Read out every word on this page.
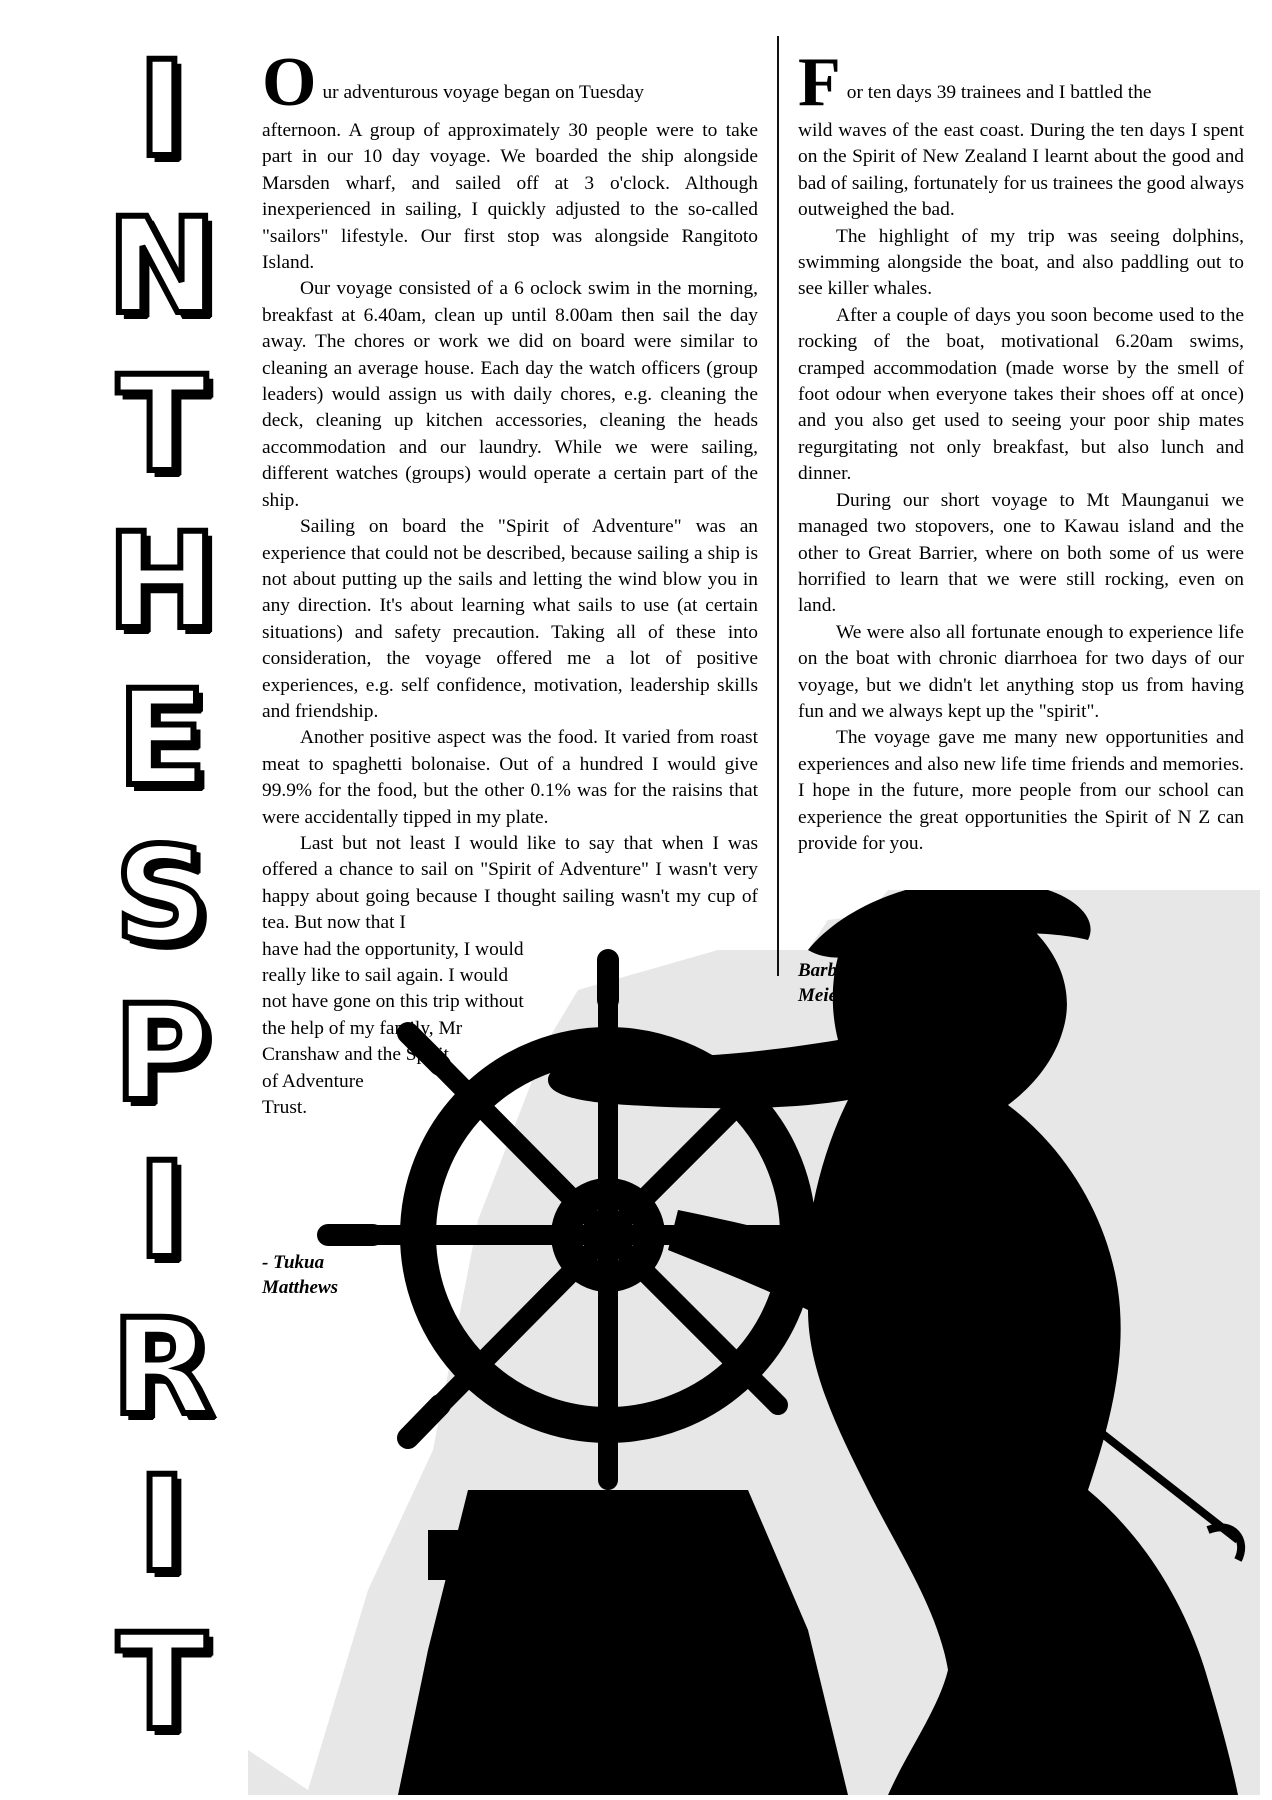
I
N
T
H
E
S
P
I
R
I
T
O ur adventurous voyage began on Tuesday

afternoon. A group of approximately 30 people were to take part in our 10 day voyage. We boarded the ship alongside Marsden wharf, and sailed off at 3 o'clock. Although inexperienced in sailing, I quickly adjusted to the so-called "sailors" lifestyle. Our first stop was alongside Rangitoto Island.

Our voyage consisted of a 6 oclock swim in the morning, breakfast at 6.40am, clean up until 8.00am then sail the day away. The chores or work we did on board were similar to cleaning an average house. Each day the watch officers (group leaders) would assign us with daily chores, e.g. cleaning the deck, cleaning up kitchen accessories, cleaning the heads accommodation and our laundry. While we were sailing, different watches (groups) would operate a certain part of the ship.

Sailing on board the "Spirit of Adventure" was an experience that could not be described, because sailing a ship is not about putting up the sails and letting the wind blow you in any direction. It's about learning what sails to use (at certain situations) and safety precaution. Taking all of these into consideration, the voyage offered me a lot of positive experiences, e.g. self confidence, motivation, leadership skills and friendship.

Another positive aspect was the food. It varied from roast meat to spaghetti bolonaise. Out of a hundred I would give 99.9% for the food, but the other 0.1% was for the raisins that were accidentally tipped in my plate.

Last but not least I would like to say that when I was offered a chance to sail on "Spirit of Adventure" I wasn't very happy about going because I thought sailing wasn't my cup of tea. But now that I

have had the opportunity, I would
really like to sail again. I would
not have gone on this trip without
the help of my family, Mr
Cranshaw and the Spirit
of Adventure
Trust.
- Tukua
Matthews
F or ten days 39 trainees and I battled the

wild waves of the east coast. During the ten days I spent on the Spirit of New Zealand I learnt about the good and bad of sailing, fortunately for us trainees the good always outweighed the bad.

The highlight of my trip was seeing dolphins, swimming alongside the boat, and also paddling out to see killer whales.

After a couple of days you soon become used to the rocking of the boat, motivational 6.20am swims, cramped accommodation (made worse by the smell of foot odour when everyone takes their shoes off at once) and you also get used to seeing your poor ship mates regurgitating not only breakfast, but also lunch and dinner.

During our short voyage to Mt Maunganui we managed two stopovers, one to Kawau island and the other to Great Barrier, where on both some of us were horrified to learn that we were still rocking, even on land.

We were also all fortunate enough to experience life on the boat with chronic diarrhoea for two days of our voyage, but we didn't let anything stop us from having fun and we always kept up the "spirit".

The voyage gave me many new opportunities and experiences and also new life time friends and memories. I hope in the future, more people from our school can experience the great opportunities the Spirit of N Z can provide for you.

-
Barbara
Meier
